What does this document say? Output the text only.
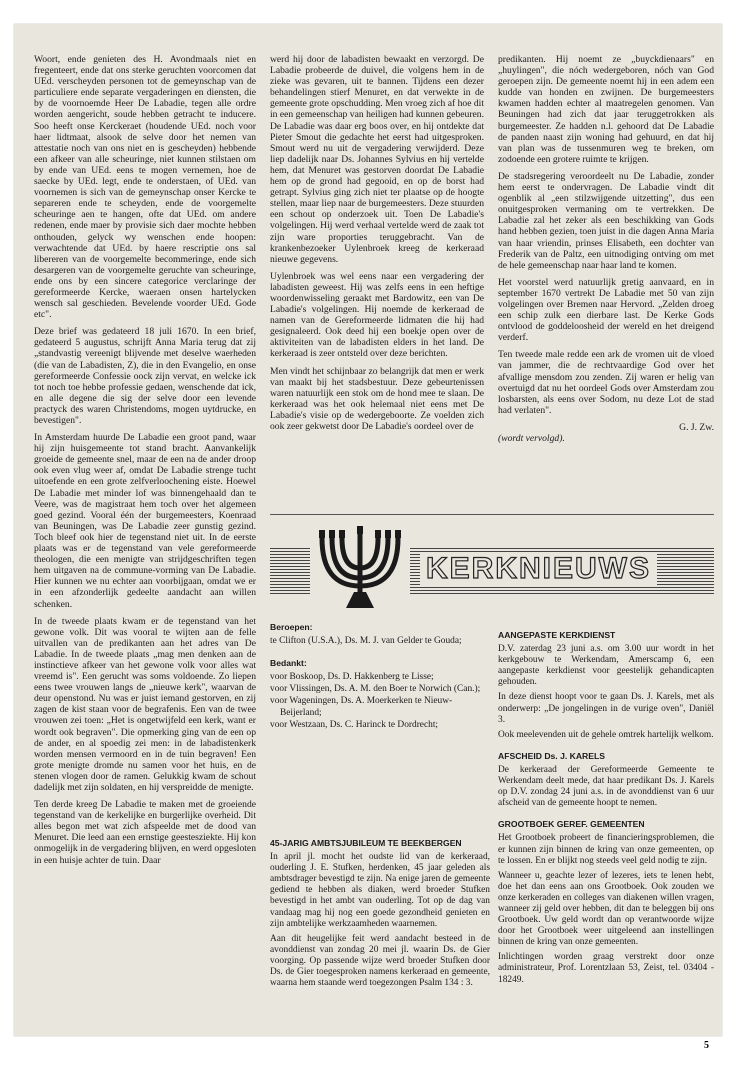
Woort, ende genieten des H. Avondmaals niet en fregenteert, ende dat ons sterke geruchten voorcomen dat UEd. verscheyden personen tot de gemeynschap van de particuliere ende separate vergaderingen en diensten, die by de voornoemde Heer De Labadie, tegen alle ordre worden aengericht, soude hebben getracht te inducere. Soo heeft onse Kerckeraet (houdende UEd. noch voor haer lidtmaat, alsook de selve door het nemen van attestatie noch van ons niet en is gescheyden) hebbende een afkeer van alle scheuringe, niet kunnen stilstaen om by ende van UEd. eens te mogen vernemen, hoe de saecke by UEd. legt, ende te onderstaen, of UEd. van voornemen is sich van de gemeynschap onser Kercke te separeren ende te scheyden, ende de voorgemelte scheuringe aen te hangen, ofte dat UEd. om andere redenen, ende maer by provisie sich daer mochte hebben onthouden, gelyck wy wenschen ende hoopen: verwachtende dat UEd. by haere rescriptie ons sal libereren van de voorgemelte becommeringe, ende sich desargeren van de voorgemelte geruchte van scheuringe, ende ons by een sincere categorice verclaringe der gereformeerde Kercke, waeraen onsen hartelycken wensch sal geschieden. Bevelende voorder UEd. Gode etc".

Deze brief was gedateerd 18 juli 1670. In een brief, gedateerd 5 augustus, schrijft Anna Maria terug dat zij „standvastig vereenigt blijvende met deselve waerheden (die van de Labadisten, Z), die in den Evangelio, en onse gereformeerde Confessie oock zijn vervat, en welcke ick tot noch toe hebbe professie gedaen, wenschende dat ick, en alle degene die sig der selve door een levende practyck des waren Christendoms, mogen uytdrucke, en bevestigen".

In Amsterdam huurde De Labadie een groot pand, waar hij zijn huisgemeente tot stand bracht. Aanvankelijk groeide de gemeente snel, maar de een na de ander droop ook even vlug weer af, omdat De Labadie strenge tucht uitoefende en een grote zelfverloochening eiste. Hoewel De Labadie met minder lof was binnengehaald dan te Veere, was de magistraat hem toch over het algemeen goed gezind. Vooral één der burgemeesters, Koenraad van Beuningen, was De Labadie zeer gunstig gezind. Toch bleef ook hier de tegenstand niet uit. In de eerste plaats was er de tegenstand van vele gereformeerde theologen, die een menigte van strijdgeschriften tegen hem uitgaven na de commune-vorming van De Labadie. Hier kunnen we nu echter aan voorbijgaan, omdat we er in een afzonderlijk gedeelte aandacht aan willen schenken.

In de tweede plaats kwam er de tegenstand van het gewone volk. Dit was vooral te wijten aan de felle uitvallen van de predikanten aan het adres van De Labadie. In de tweede plaats „mag men denken aan de instinctieve afkeer van het gewone volk voor alles wat vreemd is". Een gerucht was soms voldoende. Zo liepen eens twee vrouwen langs de „nieuwe kerk", waarvan de deur openstond. Nu was er juist iemand gestorven, en zij zagen de kist staan voor de begrafenis. Een van de twee vrouwen zei toen: „Het is ongetwijfeld een kerk, want er wordt ook begraven". Die opmerking ging van de een op de ander, en al spoedig zei men: in de labadistenkerk worden mensen vermoord en in de tuin begraven! Een grote menigte dromde nu samen voor het huis, en de stenen vlogen door de ramen. Gelukkig kwam de schout dadelijk met zijn soldaten, en hij verspreidde de menigte.

Ten derde kreeg De Labadie te maken met de groeiende tegenstand van de kerkelijke en burgerlijke overheid. Dit alles begon met wat zich afspeelde met de dood van Menuret. Die leed aan een ernstige geestesziekte. Hij kon onmogelijk in de vergadering blijven, en werd opgesloten in een huisje achter de tuin. Daar

werd hij door de labadisten bewaakt en verzorgd. De Labadie probeerde de duivel, die volgens hem in de zieke was gevaren, uit te bannen. Tijdens een dezer behandelingen stierf Menuret, en dat verwekte in de gemeente grote opschudding. Men vroeg zich af hoe dit in een gemeenschap van heiligen had kunnen gebeuren. De Labadie was daar erg boos over, en hij ontdekte dat Pieter Smout die gedachte het eerst had uitgesproken. Smout werd nu uit de vergadering verwijderd. Deze liep dadelijk naar Ds. Johannes Sylvius en hij vertelde hem, dat Menuret was gestorven doordat De Labadie hem op de grond had gegooid, en op de borst had getrapt. Sylvius ging zich niet ter plaatse op de hoogte stellen, maar liep naar de burgemeesters. Deze stuurden een schout op onderzoek uit. Toen De Labadie's volgelingen. Hij werd verhaal vertelde werd de zaak tot zijn ware proporties teruggebracht. Van de krankenbezoeker Uylenbroek kreeg de kerkeraad nieuwe gegevens.

Uylenbroek was wel eens naar een vergadering der labadisten geweest. Hij was zelfs eens in een heftige woordenwisseling geraakt met Bardowitz, een van De Labadie's volgelingen. Hij noemde de kerkeraad de namen van de Gereformeerde lidmaten die hij had gesignaleerd. Ook deed hij een boekje open over de aktiviteiten van de labadisten elders in het land. De kerkeraad is zeer ontsteld over deze berichten.

Men vindt het schijnbaar zo belangrijk dat men er werk van maakt bij het stadsbestuur. Deze gebeurtenissen waren natuurlijk een stok om de hond mee te slaan. De kerkeraad was het ook helemaal niet eens met De Labadie's visie op de wedergeboorte. Ze voelden zich ook zeer gekwetst door De Labadie's oordeel over de

predikanten. Hij noemt ze „buyckdienaars" en „huylingen", die nóch wedergeboren, nóch van God geroepen zijn. De gemeente noemt hij in een adem een kudde van honden en zwijnen. De burgemeesters kwamen hadden echter al maatregelen genomen. Van Beuningen had zich dat jaar teruggetrokken als burgemeester. Ze hadden n.l. gehoord dat De Labadie de panden naast zijn woning had gehuurd, en dat hij van plan was de tussenmuren weg te breken, om zodoende een grotere ruimte te krijgen.

De stadsregering veroordeelt nu De Labadie, zonder hem eerst te ondervragen. De Labadie vindt dit ogenblik al „een stilzwijgende uitzetting", dus een onuitgesproken vermaning om te vertrekken. De Labadie zal het zeker als een beschikking van Gods hand hebben gezien, toen juist in die dagen Anna Maria van haar vriendin, prinses Elisabeth, een dochter van Frederik van de Paltz, een uitnodiging ontving om met de hele gemeenschap naar haar land te komen.

Het voorstel werd natuurlijk gretig aanvaard, en in september 1670 vertrekt De Labadie met 50 van zijn volgelingen over Bremen naar Hervord. „Zelden droeg een schip zulk een dierbare last. De Kerke Gods ontvlood de goddeloosheid der wereld en het dreigend verderf.

Ten tweede male redde een ark de vromen uit de vloed van jammer, die de rechtvaardige God over het afvallige mensdom zou zenden. Zij waren er helig van overtuigd dat nu het oordeel Gods over Amsterdam zou losbarsten, als eens over Sodom, nu deze Lot de stad had verlaten".

G. J. Zw.
(wordt vervolgd).
KERKNIEUWS
Beroepen:
te Clifton (U.S.A.), Ds. M. J. van Gelder te Gouda;
Bedankt:
voor Boskoop, Ds. D. Hakkenberg te Lisse;
voor Vlissingen, Ds. A. M. den Boer te Norwich (Can.);
voor Wageningen, Ds. A. Moerkerken te Nieuw-Beijerland;
voor Westzaan, Ds. C. Harinck te Dordrecht;
45-JARIG AMBTSJUBILEUM TE BEEKBERGEN

In april jl. mocht het oudste lid van de kerkeraad, ouderling J. E. Stufken, herdenken, 45 jaar geleden als ambtsdrager bevestigd te zijn. Na enige jaren de gemeente gediend te hebben als diaken, werd broeder Stufken bevestigd in het ambt van ouderling. Tot op de dag van vandaag mag hij nog een goede gezondheid genieten en zijn ambtelijke werkzaamheden waarnemen.

Aan dit heugelijke feit werd aandacht besteed in de avonddienst van zondag 20 mei jl. waarin Ds. de Gier voorging. Op passende wijze werd broeder Stufken door Ds. de Gier toegesproken namens kerkeraad en gemeente, waarna hem staande werd toegezongen Psalm 134 : 3.

AANGEPASTE KERKDIENST

D.V. zaterdag 23 juni a.s. om 3.00 uur wordt in het kerkgebouw te Werkendam, Amerscamp 6, een aangepaste kerkdienst voor geestelijk gehandicapten gehouden.

In deze dienst hoopt voor te gaan Ds. J. Karels, met als onderwerp: „De jongelingen in de vurige oven", Daniël 3.

Ook meelevenden uit de gehele omtrek hartelijk welkom.

AFSCHEID Ds. J. KARELS

De kerkeraad der Gereformeerde Gemeente te Werkendam deelt mede, dat haar predikant Ds. J. Karels op D.V. zondag 24 juni a.s. in de avonddienst van 6 uur afscheid van de gemeente hoopt te nemen.

GROOTBOEK GEREF. GEMEENTEN

Het Grootboek probeert de financieringsproblemen, die er kunnen zijn binnen de kring van onze gemeenten, op te lossen. En er blijkt nog steeds veel geld nodig te zijn.

Wanneer u, geachte lezer of lezeres, iets te lenen hebt, doe het dan eens aan ons Grootboek. Ook zouden we onze kerkeraden en colleges van diakenen willen vragen, wanneer zij geld over hebben, dit dan te beleggen bij ons Grootboek. Uw geld wordt dan op verantwoorde wijze door het Grootboek weer uitgeleend aan instellingen binnen de kring van onze gemeenten.

Inlichtingen worden graag verstrekt door onze administrateur, Prof. Lorentzlaan 53, Zeist, tel. 03404 - 18249.

5
